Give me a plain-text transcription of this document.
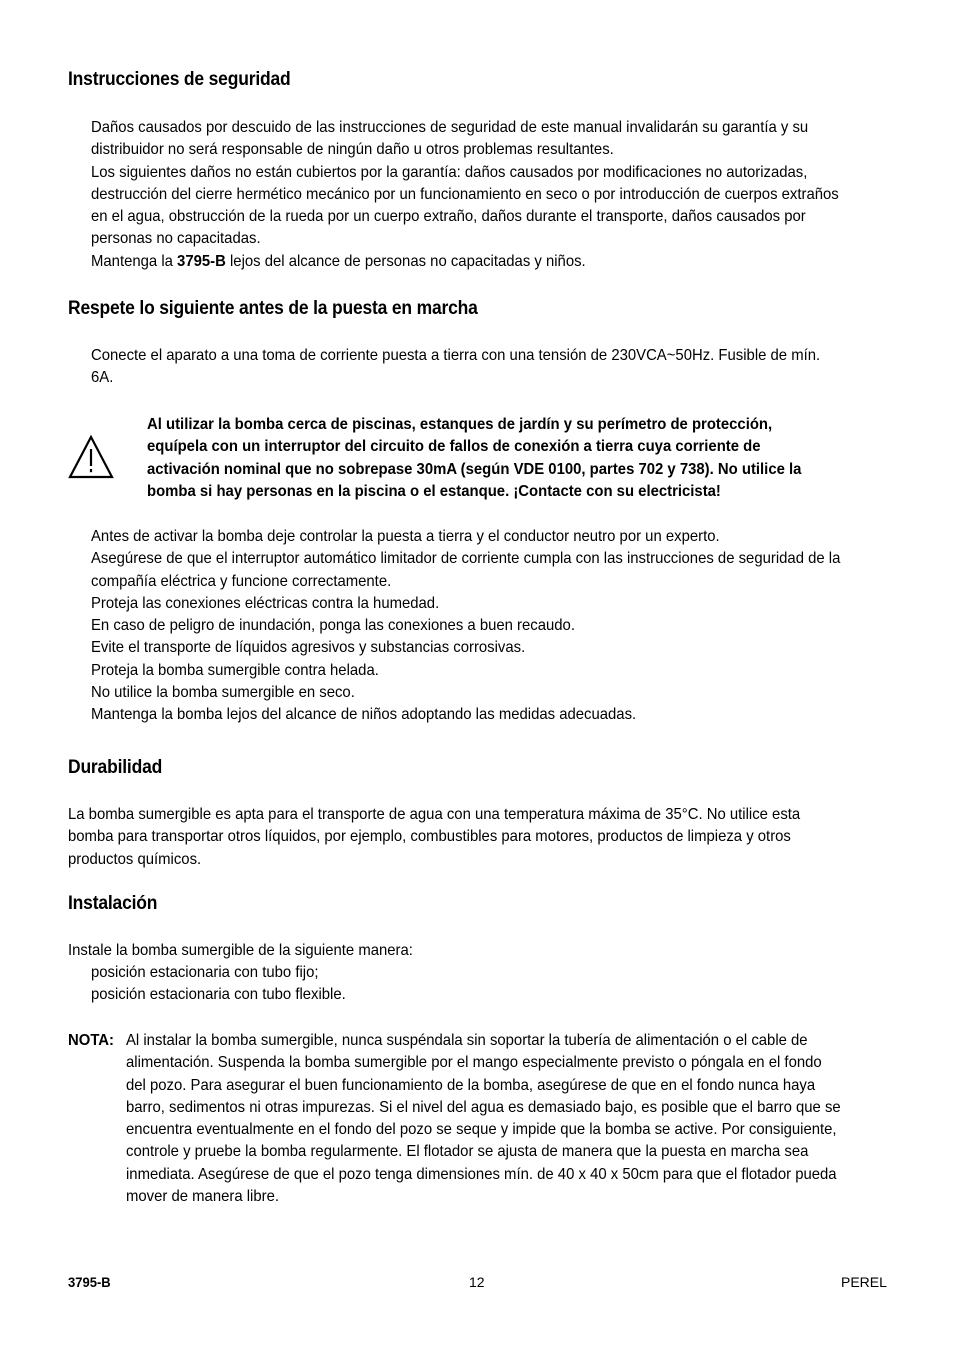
Instrucciones de seguridad
Daños causados por descuido de las instrucciones de seguridad de este manual invalidarán su garantía y su
distribuidor no será responsable de ningún daño u otros problemas resultantes.
Los siguientes daños no están cubiertos por la garantía: daños causados por modificaciones no autorizadas,
destrucción del cierre hermético mecánico por un funcionamiento en seco o por introducción de cuerpos extraños
en el agua, obstrucción de la rueda por un cuerpo extraño, daños durante el transporte, daños causados por
personas no capacitadas.
Mantenga la 3795-B lejos del alcance de personas no capacitadas y niños.
Respete lo siguiente antes de la puesta en marcha
Conecte el aparato a una toma de corriente puesta a tierra con una tensión de 230VCA~50Hz. Fusible de mín.
6A.
Al utilizar la bomba cerca de piscinas, estanques de jardín y su perímetro de protección,
equípela con un interruptor del circuito de fallos de conexión a tierra cuya corriente de
activación nominal que no sobrepase 30mA (según VDE 0100, partes 702 y 738). No utilice la
bomba si hay personas en la piscina o el estanque. ¡Contacte con su electricista!
Antes de activar la bomba deje controlar la puesta a tierra y el conductor neutro por un experto.
Asegúrese de que el interruptor automático limitador de corriente cumpla con las instrucciones de seguridad de la
compañía eléctrica y funcione correctamente.
Proteja las conexiones eléctricas contra la humedad.
En caso de peligro de inundación, ponga las conexiones a buen recaudo.
Evite el transporte de líquidos agresivos y substancias corrosivas.
Proteja la bomba sumergible contra helada.
No utilice la bomba sumergible en seco.
Mantenga la bomba lejos del alcance de niños adoptando las medidas adecuadas.
Durabilidad
La bomba sumergible es apta para el transporte de agua con una temperatura máxima de 35°C. No utilice esta
bomba para transportar otros líquidos, por ejemplo, combustibles para motores, productos de limpieza y otros
productos químicos.
Instalación
Instale la bomba sumergible de la siguiente manera:
posición estacionaria con tubo fijo;
posición estacionaria con tubo flexible.
NOTA: Al instalar la bomba sumergible, nunca suspéndala sin soportar la tubería de alimentación o el cable de
alimentación. Suspenda la bomba sumergible por el mango especialmente previsto o póngala en el fondo
del pozo. Para asegurar el buen funcionamiento de la bomba, asegúrese de que en el fondo nunca haya
barro, sedimentos ni otras impurezas. Si el nivel del agua es demasiado bajo, es posible que el barro que se
encuentra eventualmente en el fondo del pozo se seque y impide que la bomba se active. Por consiguiente,
controle y pruebe la bomba regularmente. El flotador se ajusta de manera que la puesta en marcha sea
inmediata. Asegúrese de que el pozo tenga dimensiones mín. de 40 x 40 x 50cm para que el flotador pueda
mover de manera libre.
3795-B	12	PEREL
